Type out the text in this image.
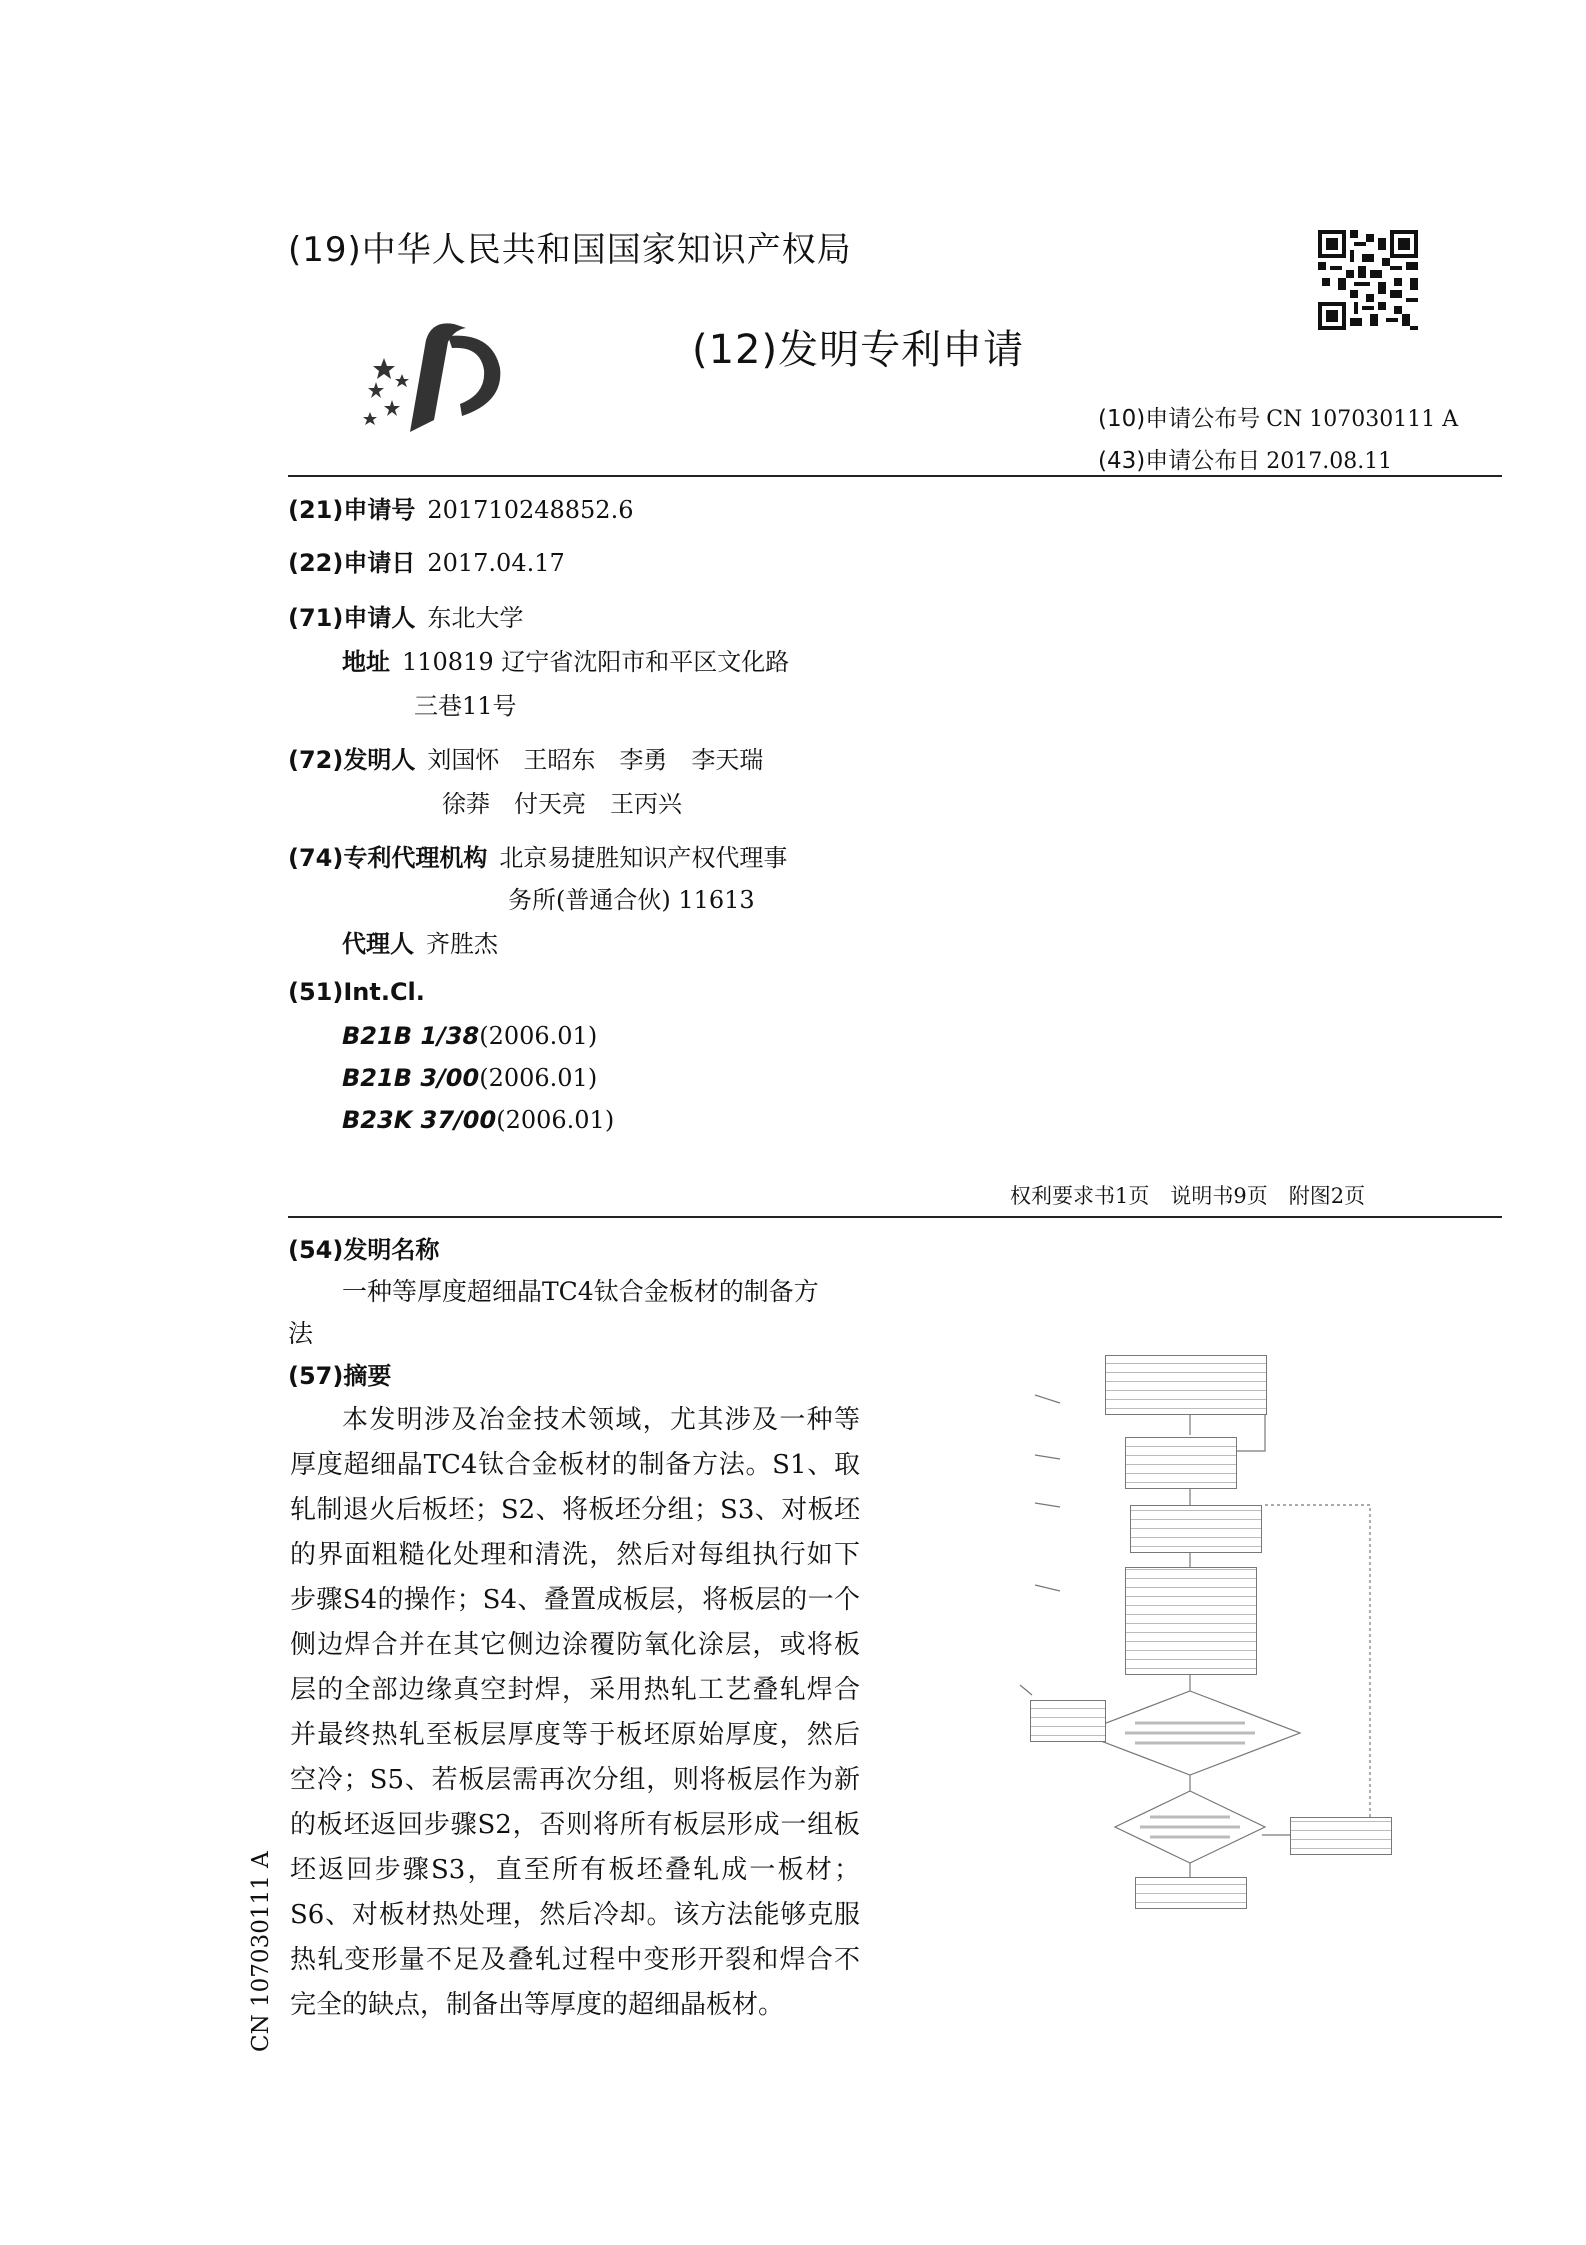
(19)中华人民共和国国家知识产权局
(12)发明专利申请
(10)申请公布号 CN 107030111 A
(43)申请公布日 2017.08.11
(21)申请号 201710248852.6
(22)申请日 2017.04.17
(71)申请人 东北大学
地址 110819 辽宁省沈阳市和平区文化路
三巷11号
(72)发明人 刘国怀　王昭东　李勇　李天瑞
徐莽　付天亮　王丙兴
(74)专利代理机构 北京易捷胜知识产权代理事
务所(普通合伙) 11613
代理人 齐胜杰
(51)Int.Cl.
B21B 1/38(2006.01)
B21B 3/00(2006.01)
B23K 37/00(2006.01)
权利要求书1页　说明书9页　附图2页
(54)发明名称
一种等厚度超细晶TC4钛合金板材的制备方
法
(57)摘要
本发明涉及冶金技术领域，尤其涉及一种等厚度超细晶TC4钛合金板材的制备方法。S1、取轧制退火后板坯；S2、将板坯分组；S3、对板坯的界面粗糙化处理和清洗，然后对每组执行如下步骤S4的操作；S4、叠置成板层，将板层的一个侧边焊合并在其它侧边涂覆防氧化涂层，或将板层的全部边缘真空封焊，采用热轧工艺叠轧焊合并最终热轧至板层厚度等于板坯原始厚度，然后空冷；S5、若板层需再次分组，则将板层作为新的板坯返回步骤S2，否则将所有板层形成一组板坯返回步骤S3，直至所有板坯叠轧成一板材；S6、对板材热处理，然后冷却。该方法能够克服热轧变形量不足及叠轧过程中变形开裂和焊合不完全的缺点，制备出等厚度的超细晶板材。
CN 107030111 A
